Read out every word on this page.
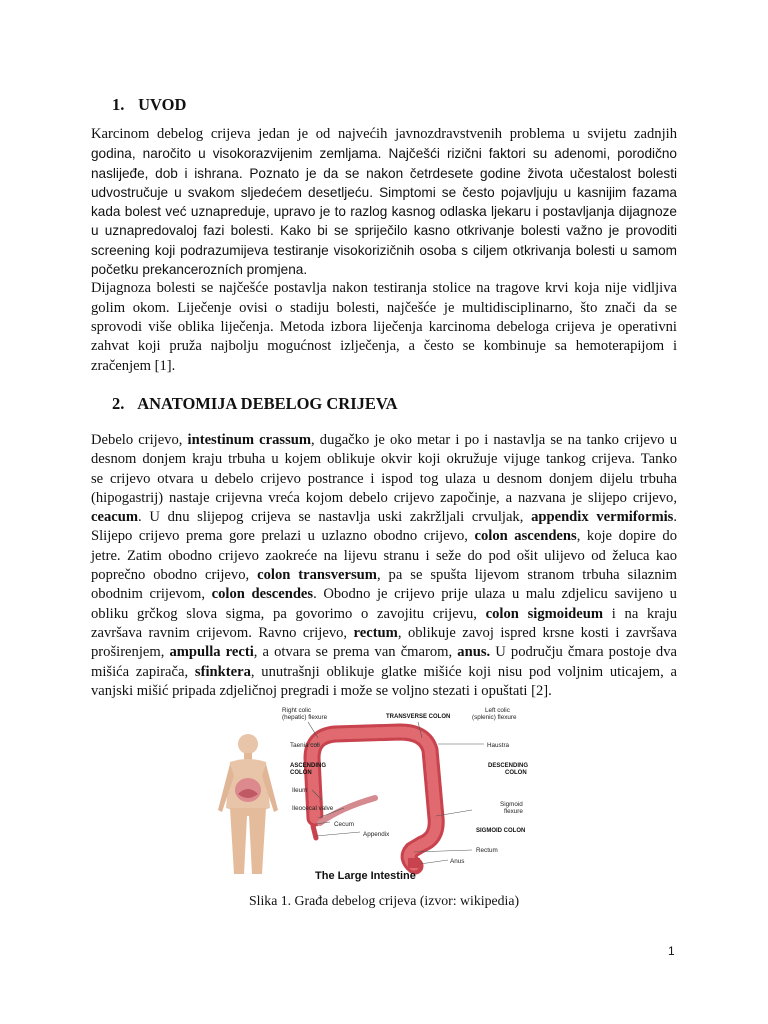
1. UVOD
Karcinom debelog crijeva jedan je od najvećih javnozdravstvenih problema u svijetu zadnjih
godina, naročito u visokorazvijenim zemljama. Najčešći rizični faktori su adenomi, porodično
naslijeđe, dob i ishrana. Poznato je da se nakon četrdesete godine života učestalost bolesti
udvostručuje u svakom sljedećem desetljeću. Simptomi se često pojavljuju u kasnijim fazama
kada bolest već uznapreduje, upravo je to razlog kasnog odlaska ljekaru i postavljanja dijagnoze
u uznapredovaloj fazi bolesti. Kako bi se spriječilo kasno otkrivanje bolesti važno je provoditi
screening koji podrazumijeva testiranje visokorizičnih osoba s ciljem otkrivanja bolesti u samom
početku prekancerozních promjena.
Dijagnoza bolesti se najčešće postavlja nakon testiranja stolice na tragove krvi koja nije vidljiva
golim okom. Liječenje ovisi o stadiju bolesti, najčešće je multidisciplinarno, što znači da se
sprovodi više oblika liječenja. Metoda izbora liječenja karcinoma debeloga crijeva je operativni
zahvat koji pruža najbolju mogućnost izlječenja, a često se kombinuje sa hemoterapijom i
zračenjem [1].
2. ANATOMIJA DEBELOG CRIJEVA
Debelo crijevo, intestinum crassum, dugačko je oko metar i po i nastavlja se na tanko crijevo u
desnom donjem kraju trbuha u kojem oblikuje okvir koji okružuje vijuge tankog crijeva. Tanko
se crijevo otvara u debelo crijevo postrance i ispod tog ulaza u desnom donjem dijelu trbuha
(hipogastrij) nastaje crijevna vreća kojom debelo crijevo započinje, a nazvana je slijepo crijevo,
ceacum. U dnu slijepog crijeva se nastavlja uski zakržljali crvuljak, appendix vermiformis.
Slijepo crijevo prema gore prelazi u uzlazno obodno crijevo, colon ascendens, koje dopire do
jetre. Zatim obodno crijevo zaokreće na lijevu stranu i seže do pod ošit ulijevo od želuca kao
poprečno obodno crijevo, colon transversum, pa se spušta lijevom stranom trbuha silaznim
obodnim crijevom, colon descendes. Obodno je crijevo prije ulaza u malu zdjelicu savijeno u
obliku grčkog slova sigma, pa govorimo o zavojitu crijevu, colon sigmoideum i na kraju
završava ravnim crijevom. Ravno crijevo, rectum, oblikuje zavoj ispred krsne kosti i završava
proširenjem, ampulla recti, a otvara se prema van čmarom, anus. U području čmara postoje dva
mišića zapirača, sfinktera, unutrašnji oblikuje glatke mišiće koji nisu pod voljnim uticajem, a
vanjski mišić pripada zdjeličnoj pregradi i može se voljno stezati i opuštati [2].
Right colic
(hepatic) flexure	TRANSVERSE COLON
Left colic
(splenic) flexure
Taenia coli	Haustra
ASCENDING
COLON
DESCENDING
COLON
Ileum
Ileocecal valve
Sigmoid
flexure
Cecum
Appendix	SIGMOID COLON
Rectum
Anus
The Large Intestine
Slika 1. Građa debelog crijeva (izvor: wikipedia)
1
